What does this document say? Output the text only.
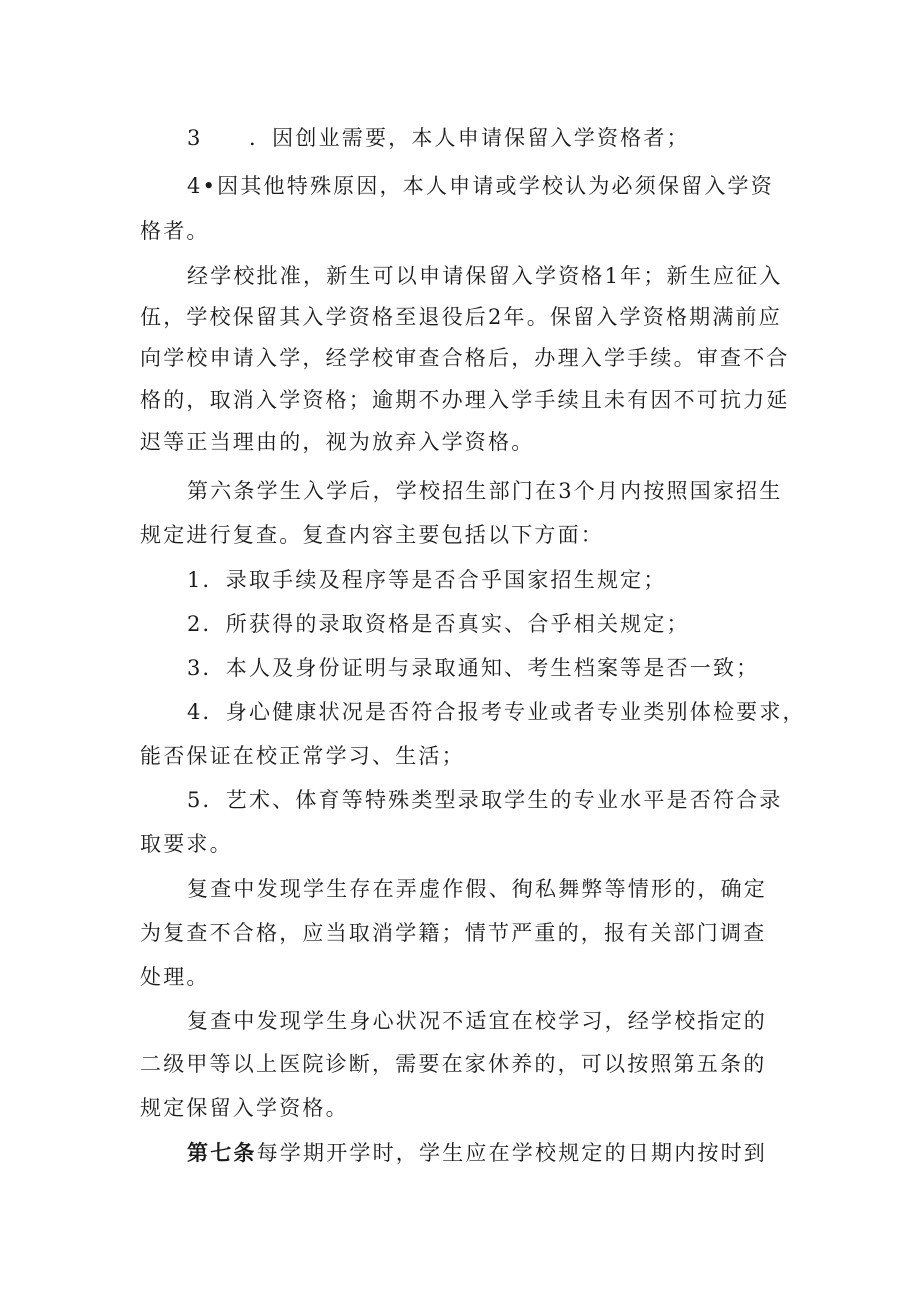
3　　．因创业需要，本人申请保留入学资格者；
4•因其他特殊原因，本人申请或学校认为必须保留入学资
格者。
经学校批准，新生可以申请保留入学资格1年；新生应征入
伍，学校保留其入学资格至退役后2年。保留入学资格期满前应
向学校申请入学，经学校审查合格后，办理入学手续。审查不合
格的，取消入学资格；逾期不办理入学手续且未有因不可抗力延
迟等正当理由的，视为放弃入学资格。
第六条学生入学后，学校招生部门在3个月内按照国家招生
规定进行复查。复查内容主要包括以下方面：
1．录取手续及程序等是否合乎国家招生规定；
2．所获得的录取资格是否真实、合乎相关规定；
3．本人及身份证明与录取通知、考生档案等是否一致；
4．身心健康状况是否符合报考专业或者专业类别体检要求，
能否保证在校正常学习、生活；
5．艺术、体育等特殊类型录取学生的专业水平是否符合录
取要求。
复查中发现学生存在弄虚作假、徇私舞弊等情形的，确定
为复查不合格，应当取消学籍；情节严重的，报有关部门调查
处理。
复查中发现学生身心状况不适宜在校学习，经学校指定的
二级甲等以上医院诊断，需要在家休养的，可以按照第五条的
规定保留入学资格。
第七条每学期开学时，学生应在学校规定的日期内按时到
